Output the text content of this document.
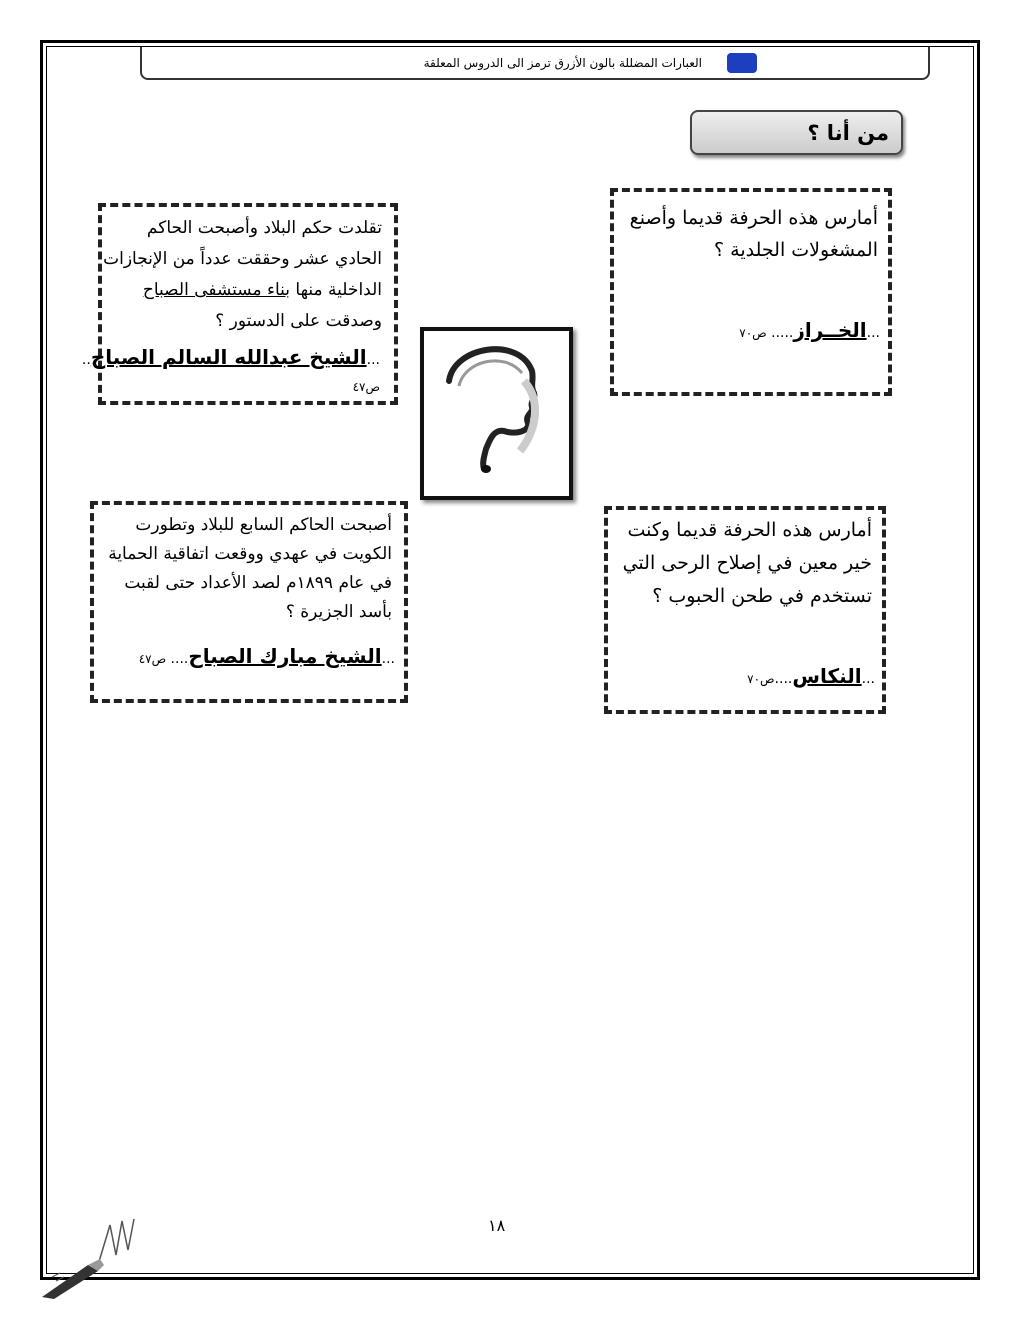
العبارات المضللة بالون الأزرق ترمز الى الدروس المعلقة
من أنا ؟
أمارس هذه الحرفة قديما وأصنع المشغولات الجلدية ؟
...الخــراز..... ص٧٠
تقلدت حكم البلاد وأصبحت الحاكم الحادي عشر وحققت عدداً من الإنجازات الداخلية منها بناء مستشفى الصباح وصدقت على الدستور ؟
...الشيخ عبدالله السالم الصباح..
ص٤٧
أصبحت الحاكم السابع للبلاد وتطورت الكويت في عهدي ووقعت اتفاقية الحماية في عام ١٨٩٩م لصد الأعداد حتى لقبت بأسد الجزيرة ؟
...الشيخ مبارك الصباح.... ص٤٧
أمارس هذه الحرفة قديما وكنت خير معين في إصلاح الرحى التي تستخدم في طحن الحبوب ؟
...النكاس....ص٧٠
١٨
